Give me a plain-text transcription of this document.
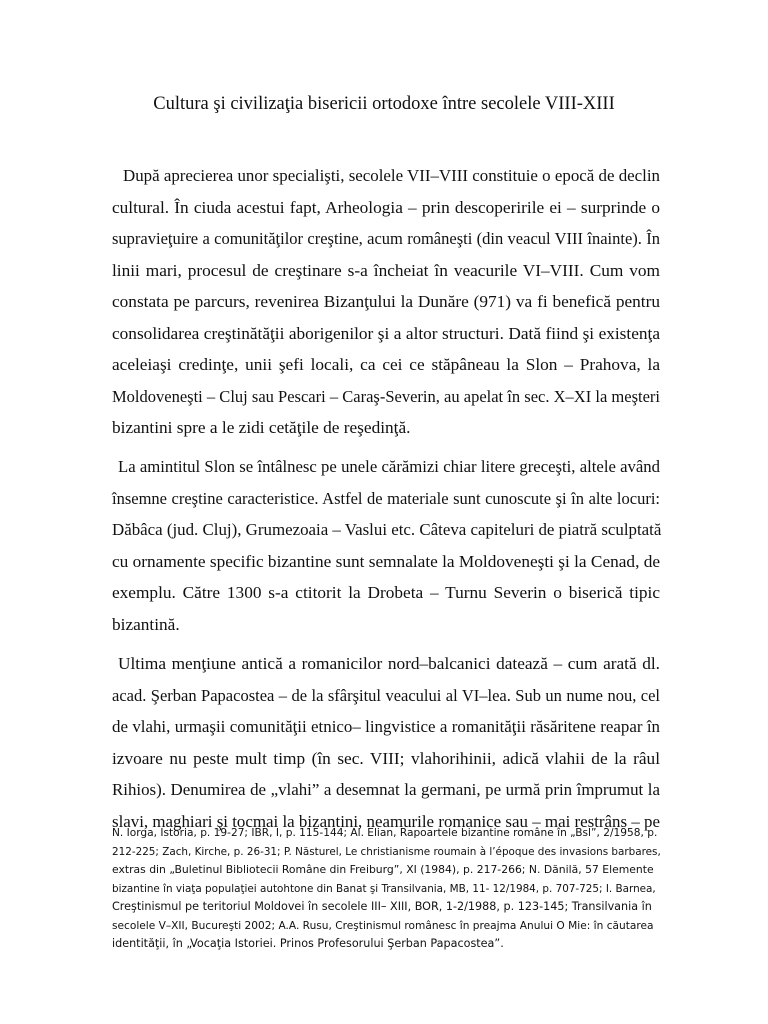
Cultura şi civilizaţia bisericii ortodoxe între secolele VIII-XIII
După aprecierea unor specialişti, secolele VII–VIII constituie o epocă de declin
cultural. În ciuda acestui fapt, Arheologia – prin descoperirile ei – surprinde o
supravieţuire a comunităţilor creştine, acum româneşti (din veacul VIII înainte). În
linii mari, procesul de creştinare s-a încheiat în veacurile VI–VIII. Cum vom
constata pe parcurs, revenirea Bizanţului la Dunăre (971) va fi benefică pentru
consolidarea creştinătăţii aborigenilor şi a altor structuri. Dată fiind şi existenţa
aceleiaşi credinţe, unii şefi locali, ca cei ce stăpâneau la Slon – Prahova, la
Moldoveneşti – Cluj sau Pescari – Caraş-Severin, au apelat în sec. X–XI la meşteri
bizantini spre a le zidi cetăţile de reşedinţă.
La amintitul Slon se întâlnesc pe unele cărămizi chiar litere greceşti, altele având
însemne creştine caracteristice. Astfel de materiale sunt cunoscute şi în alte locuri:
Dăbâca (jud. Cluj), Grumezoaia – Vaslui etc. Câteva capiteluri de piatră sculptată
cu ornamente specific bizantine sunt semnalate la Moldoveneşti şi la Cenad, de
exemplu. Către 1300 s-a ctitorit la Drobeta – Turnu Severin o biserică tipic
bizantină.
Ultima menţiune antică a romanicilor nord–balcanici datează – cum arată dl.
acad. Şerban Papacostea – de la sfârşitul veacului al VI–lea. Sub un nume nou, cel
de vlahi, urmaşii comunităţii etnico– lingvistice a romanităţii răsăritene reapar în
izvoare nu peste mult timp (în sec. VIII; vlahorihinii, adică vlahii de la râul
Rihios). Denumirea de „vlahi” a desemnat la germani, pe urmă prin împrumut la
slavi, maghiari şi tocmai la bizantini, neamurile romanice sau – mai restrâns – pe
N. Iorga, Istoria, p. 19-27; IBR, I, p. 115-144; Al. Elian, Rapoartele bizantine române în „Bsl”, 2/1958, p.
212-225; Zach, Kirche, p. 26-31; P. Năsturel, Le christianisme roumain à l’époque des invasions barbares,
extras din „Buletinul Bibliotecii Române din Freiburg”, XI (1984), p. 217-266; N. Dănilă, 57 Elemente
bizantine în viaţa populaţiei autohtone din Banat şi Transilvania, MB, 11- 12/1984, p. 707-725; I. Barnea,
Creştinismul pe teritoriul Moldovei în secolele III– XIII, BOR, 1-2/1988, p. 123-145; Transilvania în
secolele V–XII, Bucureşti 2002; A.A. Rusu, Creştinismul românesc în preajma Anului O Mie: în căutarea
identităţii, în „Vocaţia Istoriei. Prinos Profesorului Şerban Papacostea”.
